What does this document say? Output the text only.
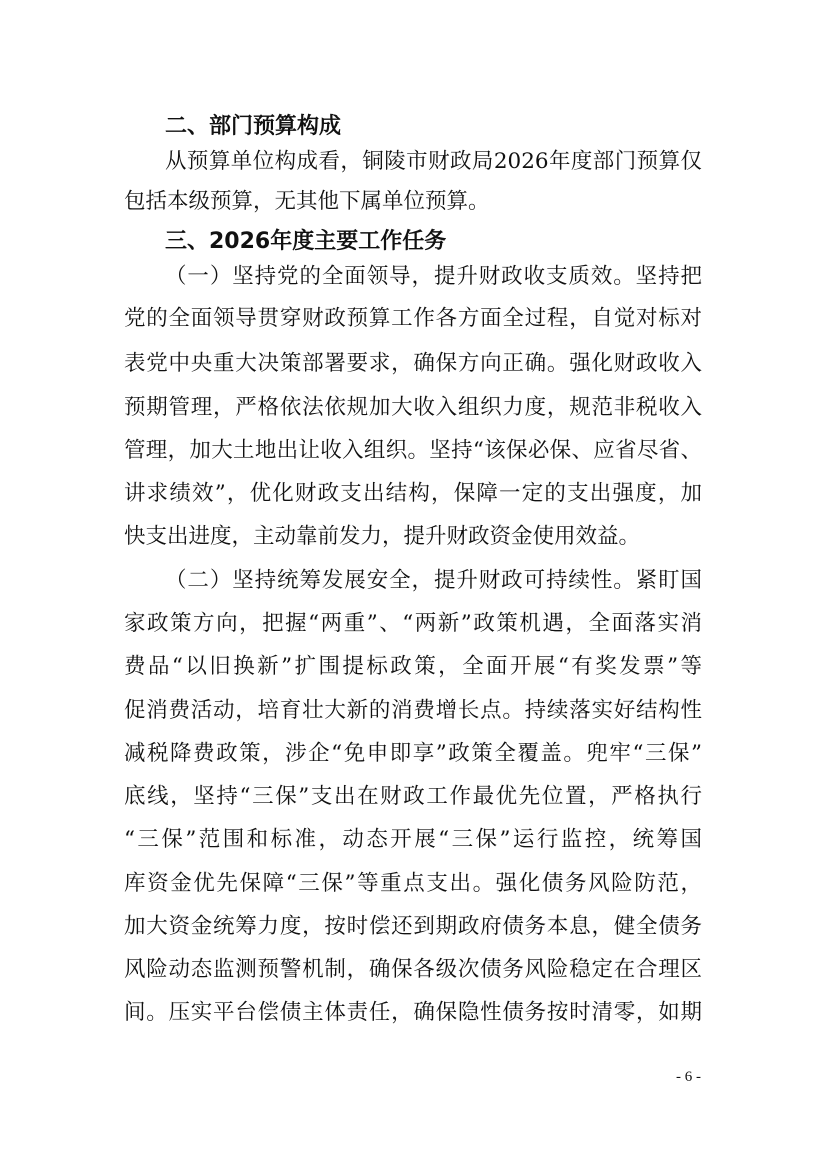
二、部门预算构成
从预算单位构成看，铜陵市财政局2026年度部门预算仅
包括本级预算，无其他下属单位预算。
三、2026年度主要工作任务
（一）坚持党的全面领导，提升财政收支质效。坚持把
党的全面领导贯穿财政预算工作各方面全过程，自觉对标对
表党中央重大决策部署要求，确保方向正确。强化财政收入
预期管理，严格依法依规加大收入组织力度，规范非税收入
管理，加大土地出让收入组织。坚持“该保必保、应省尽省、
讲求绩效”，优化财政支出结构，保障一定的支出强度，加
快支出进度，主动靠前发力，提升财政资金使用效益。
（二）坚持统筹发展安全，提升财政可持续性。紧盯国
家政策方向，把握“两重”、“两新”政策机遇，全面落实消
费品“以旧换新”扩围提标政策，全面开展“有奖发票”等
促消费活动，培育壮大新的消费增长点。持续落实好结构性
减税降费政策，涉企“免申即享”政策全覆盖。兜牢“三保”
底线，坚持“三保”支出在财政工作最优先位置，严格执行
“三保”范围和标准，动态开展“三保”运行监控，统筹国
库资金优先保障“三保”等重点支出。强化债务风险防范，
加大资金统筹力度，按时偿还到期政府债务本息，健全债务
风险动态监测预警机制，确保各级次债务风险稳定在合理区
间。压实平台偿债主体责任，确保隐性债务按时清零，如期
- 6 -
